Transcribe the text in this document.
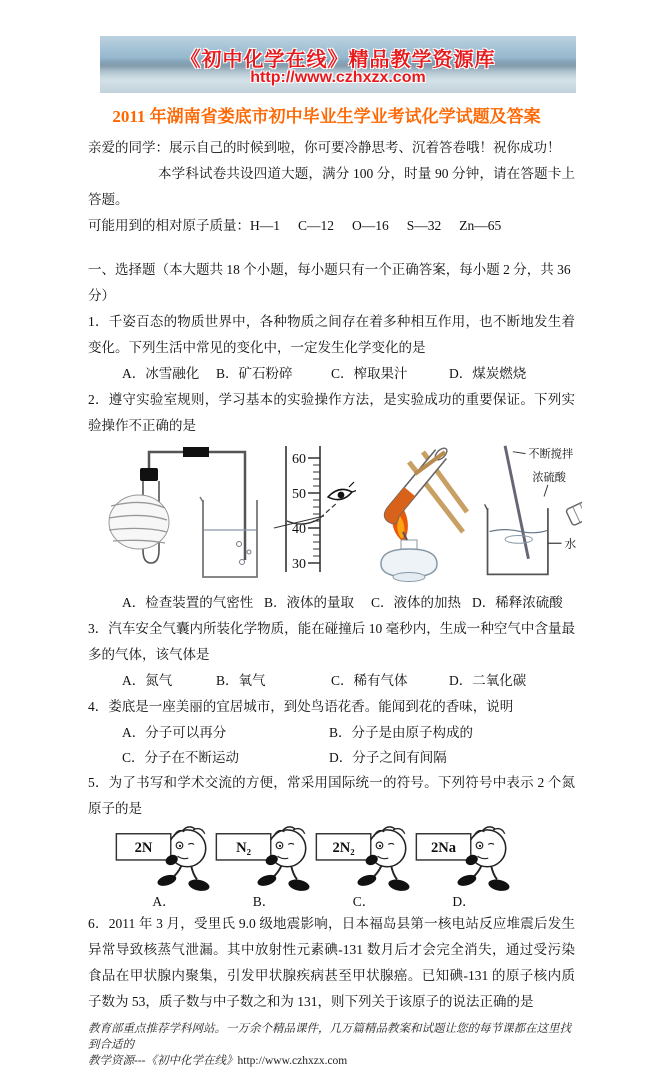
《初中化学在线》精品教学资源库
http://www.czhxzx.com
2011 年湖南省娄底市初中毕业生学业考试化学试题及答案

亲爱的同学：展示自己的时候到啦，你可要冷静思考、沉着答卷哦！祝你成功！

本学科试卷共设四道大题，满分 100 分，时量 90 分钟，请在答题卡上答题。

可能用到的相对原子质量：H—1 C—12 O—16 S—32 Zn—65

一、选择题（本大题共 18 个小题，每小题只有一个正确答案，每小题 2 分，共 36 分）

1．千姿百态的物质世界中，各种物质之间存在着多种相互作用，也不断地发生着变化。下列生活中常见的变化中，一定发生化学变化的是

A．冰雪融化 B．矿石粉碎	C．榨取果汁	D．煤炭燃烧

2．遵守实验室规则，学习基本的实验操作方法，是实验成功的重要保证。下列实验操作不正确的是

60
50
40
30
不断搅拌
浓硫酸
水
A．检查装置的气密性 B．液体的量取 C．液体的加热 D．稀释浓硫酸

3．汽车安全气囊内所装化学物质，能在碰撞后 10 毫秒内，生成一种空气中含量最多的气体，该气体是

A．氮气	B．氧气	C．稀有气体	D．二氧化碳

4．娄底是一座美丽的宜居城市，到处鸟语花香。能闻到花的香味，说明

A．分子可以再分	B．分子是由原子构成的
C．分子在不断运动	D．分子之间有间隔

5．为了书写和学术交流的方便，常采用国际统一的符号。下列符号中表示 2 个氮原子的是

2N	N₂	2N₂	2Na
A．	B．	C．	D．

6．2011 年 3 月，受里氏 9.0 级地震影响，日本福岛县第一核电站反应堆震后发生异常导致核蒸气泄漏。其中放射性元素碘-131 数月后才会完全消失，通过受污染食品在甲状腺内聚集，引发甲状腺疾病甚至甲状腺癌。已知碘-131 的原子核内质子数为 53，质子数与中子数之和为 131，则下列关于该原子的说法正确的是

教育部重点推荐学科网站。一万余个精品课件，几万篇精品教案和试题让您的每节课都在这里找到合适的
教学资源---《初中化学在线》http://www.czhxzx.com
